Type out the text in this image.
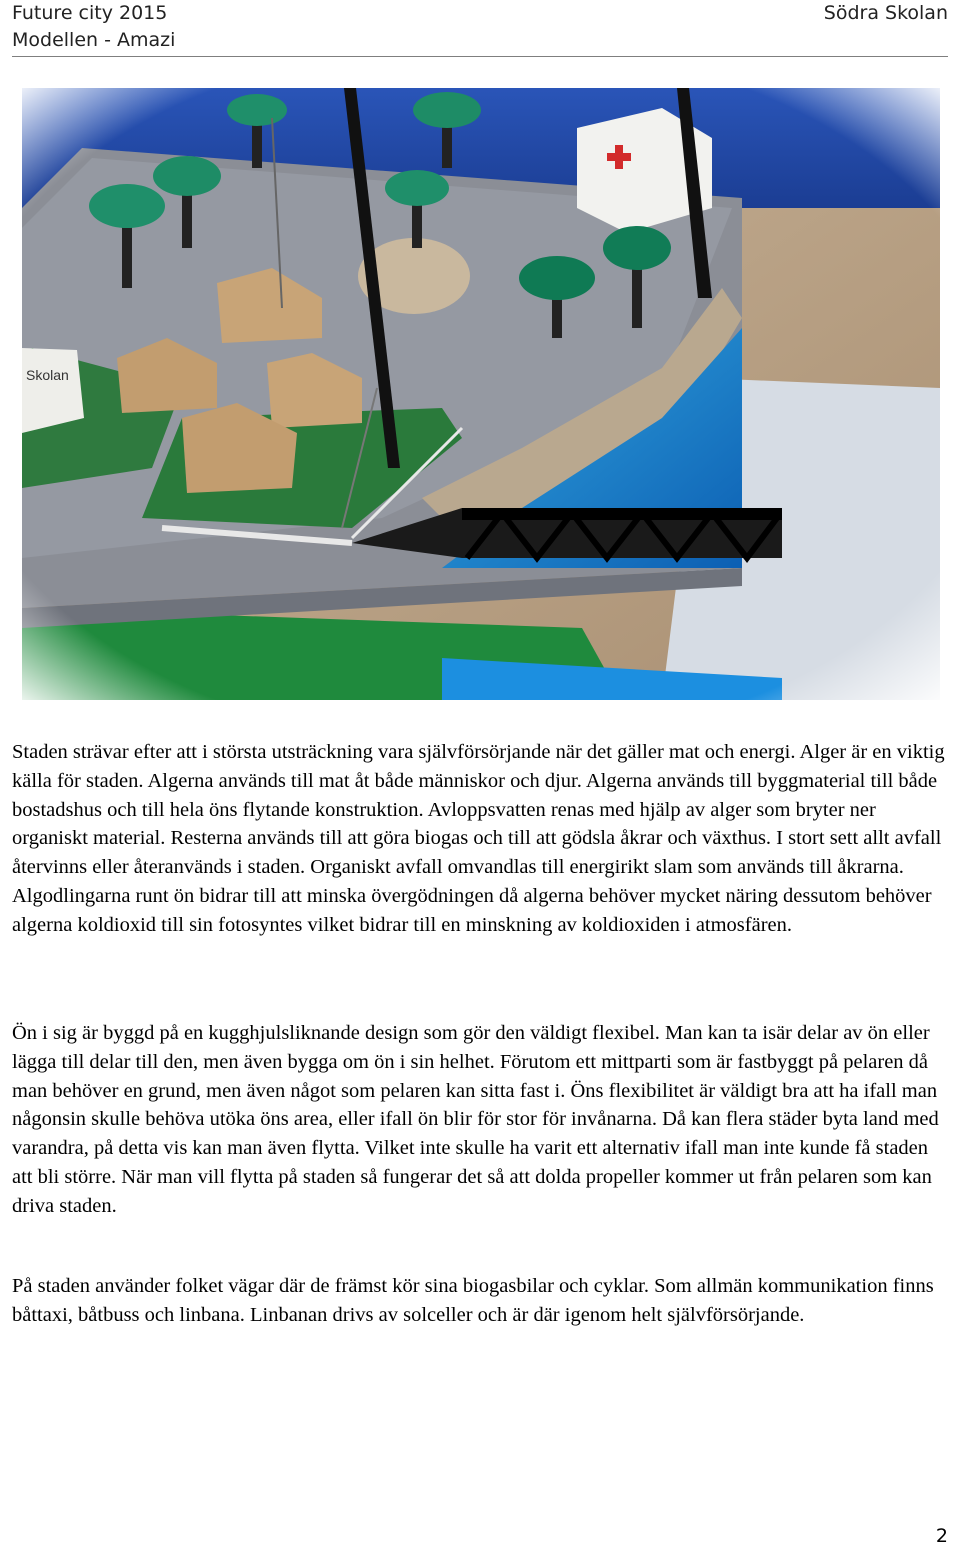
Future city 2015
Modellen - Amazi
Södra Skolan

Staden strävar efter att i största utsträckning vara självförsörjande när det gäller mat och energi. Alger är en viktig källa för staden. Algerna används till mat åt både människor och djur. Algerna används till byggmaterial till både bostadshus och till hela öns flytande konstruktion. Avloppsvatten renas med hjälp av alger som bryter ner organiskt material. Resterna används till att göra biogas och till att gödsla åkrar och växthus. I stort sett allt avfall återvinns eller återanvänds i staden. Organiskt avfall omvandlas till energirikt slam som används till åkrarna. Algodlingarna runt ön bidrar till att minska övergödningen då algerna behöver mycket näring dessutom behöver algerna koldioxid till sin fotosyntes vilket bidrar till en minskning av koldioxiden i atmosfären.

Ön i sig är byggd på en kugghjulsliknande design som gör den väldigt flexibel. Man kan ta isär delar av ön eller lägga till delar till den, men även bygga om ön i sin helhet. Förutom ett mittparti som är fastbyggt på pelaren då man behöver en grund, men även något som pelaren kan sitta fast i. Öns flexibilitet är väldigt bra att ha ifall man någonsin skulle behöva utöka öns area, eller ifall ön blir för stor för invånarna. Då kan flera städer byta land med varandra, på detta vis kan man även flytta. Vilket inte skulle ha varit ett alternativ ifall man inte kunde få staden att bli större. När man vill flytta på staden så fungerar det så att dolda propeller kommer ut från pelaren som kan driva staden.

På staden använder folket vägar där de främst kör sina biogasbilar och cyklar. Som allmän kommunikation finns båttaxi, båtbuss och linbana. Linbanan drivs av solceller och är där igenom helt självförsörjande.

2
